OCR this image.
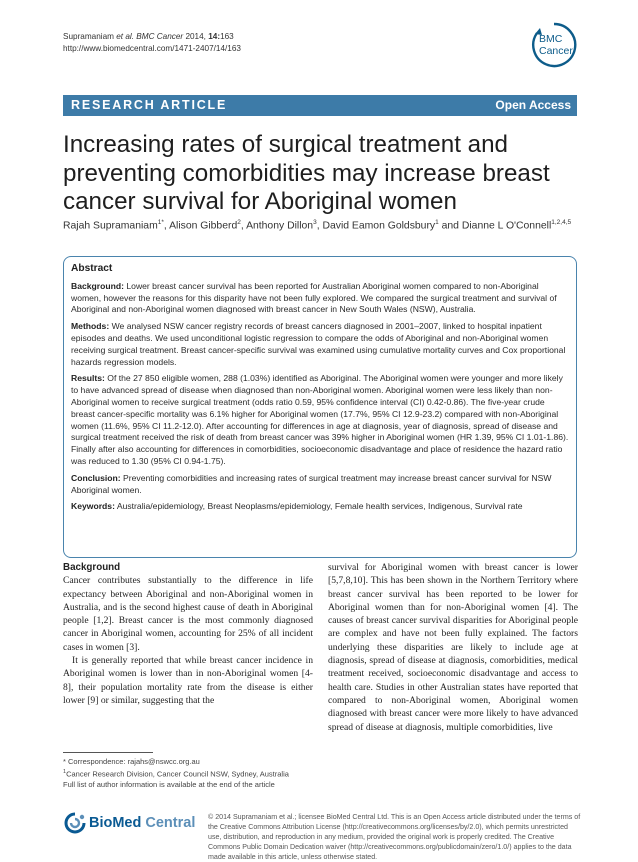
Supramaniam et al. BMC Cancer 2014, 14:163
http://www.biomedcentral.com/1471-2407/14/163
BMC
Cancer
RESEARCH ARTICLE	Open Access
Increasing rates of surgical treatment and preventing comorbidities may increase breast cancer survival for Aboriginal women
Rajah Supramaniam$^{1*}$, Alison Gibberd$^2$, Anthony Dillon$^3$, David Eamon Goldsbury$^1$ and Dianne L O'Connell$^{1,2,4,5}$
Abstract

Background: Lower breast cancer survival has been reported for Australian Aboriginal women compared to non-Aboriginal women, however the reasons for this disparity have not been fully explored. We compared the surgical treatment and survival of Aboriginal and non-Aboriginal women diagnosed with breast cancer in New South Wales (NSW), Australia.

Methods: We analysed NSW cancer registry records of breast cancers diagnosed in 2001–2007, linked to hospital inpatient episodes and deaths. We used unconditional logistic regression to compare the odds of Aboriginal and non-Aboriginal women receiving surgical treatment. Breast cancer-specific survival was examined using cumulative mortality curves and Cox proportional hazards regression models.

Results: Of the 27 850 eligible women, 288 (1.03%) identified as Aboriginal. The Aboriginal women were younger and more likely to have advanced spread of disease when diagnosed than non-Aboriginal women. Aboriginal women were less likely than non-Aboriginal women to receive surgical treatment (odds ratio 0.59, 95% confidence interval (CI) 0.42-0.86). The five-year crude breast cancer-specific mortality was 6.1% higher for Aboriginal women (17.7%, 95% CI 12.9-23.2) compared with non-Aboriginal women (11.6%, 95% CI 11.2-12.0). After accounting for differences in age at diagnosis, year of diagnosis, spread of disease and surgical treatment received the risk of death from breast cancer was 39% higher in Aboriginal women (HR 1.39, 95% CI 1.01-1.86). Finally after also accounting for differences in comorbidities, socioeconomic disadvantage and place of residence the hazard ratio was reduced to 1.30 (95% CI 0.94-1.75).

Conclusion: Preventing comorbidities and increasing rates of surgical treatment may increase breast cancer survival for NSW Aboriginal women.

Keywords: Australia/epidemiology, Breast Neoplasms/epidemiology, Female health services, Indigenous, Survival rate

Background

Cancer contributes substantially to the difference in life expectancy between Aboriginal and non-Aboriginal women in Australia, and is the second highest cause of death in Aboriginal people [1,2]. Breast cancer is the most commonly diagnosed cancer in Aboriginal women, accounting for 25% of all incident cases in women [3].

It is generally reported that while breast cancer incidence in Aboriginal women is lower than in non-Aboriginal women [4-8], their population mortality rate from the disease is either lower [9] or similar, suggesting that the

survival for Aboriginal women with breast cancer is lower [5,7,8,10]. This has been shown in the Northern Territory where breast cancer survival has been reported to be lower for Aboriginal women than for non-Aboriginal women [4]. The causes of breast cancer survival disparities for Aboriginal people are complex and have not been fully explained. The factors underlying these disparities are likely to include age at diagnosis, spread of disease at diagnosis, comorbidities, medical treatment received, socioeconomic disadvantage and access to health care. Studies in other Australian states have reported that compared to non-Aboriginal women, Aboriginal women diagnosed with breast cancer were more likely to have advanced spread of disease at diagnosis, multiple comorbidities, live

* Correspondence: rajahs@nswcc.org.au
$^1$Cancer Research Division, Cancer Council NSW, Sydney, Australia
Full list of author information is available at the end of the article
BioMed Central © 2014 Supramaniam et al.; licensee BioMed Central Ltd. This is an Open Access article distributed under the terms of the Creative Commons Attribution License (http://creativecommons.org/licenses/by/2.0), which permits unrestricted use, distribution, and reproduction in any medium, provided the original work is properly credited. The Creative Commons Public Domain Dedication waiver (http://creativecommons.org/publicdomain/zero/1.0/) applies to the data made available in this article, unless otherwise stated.
